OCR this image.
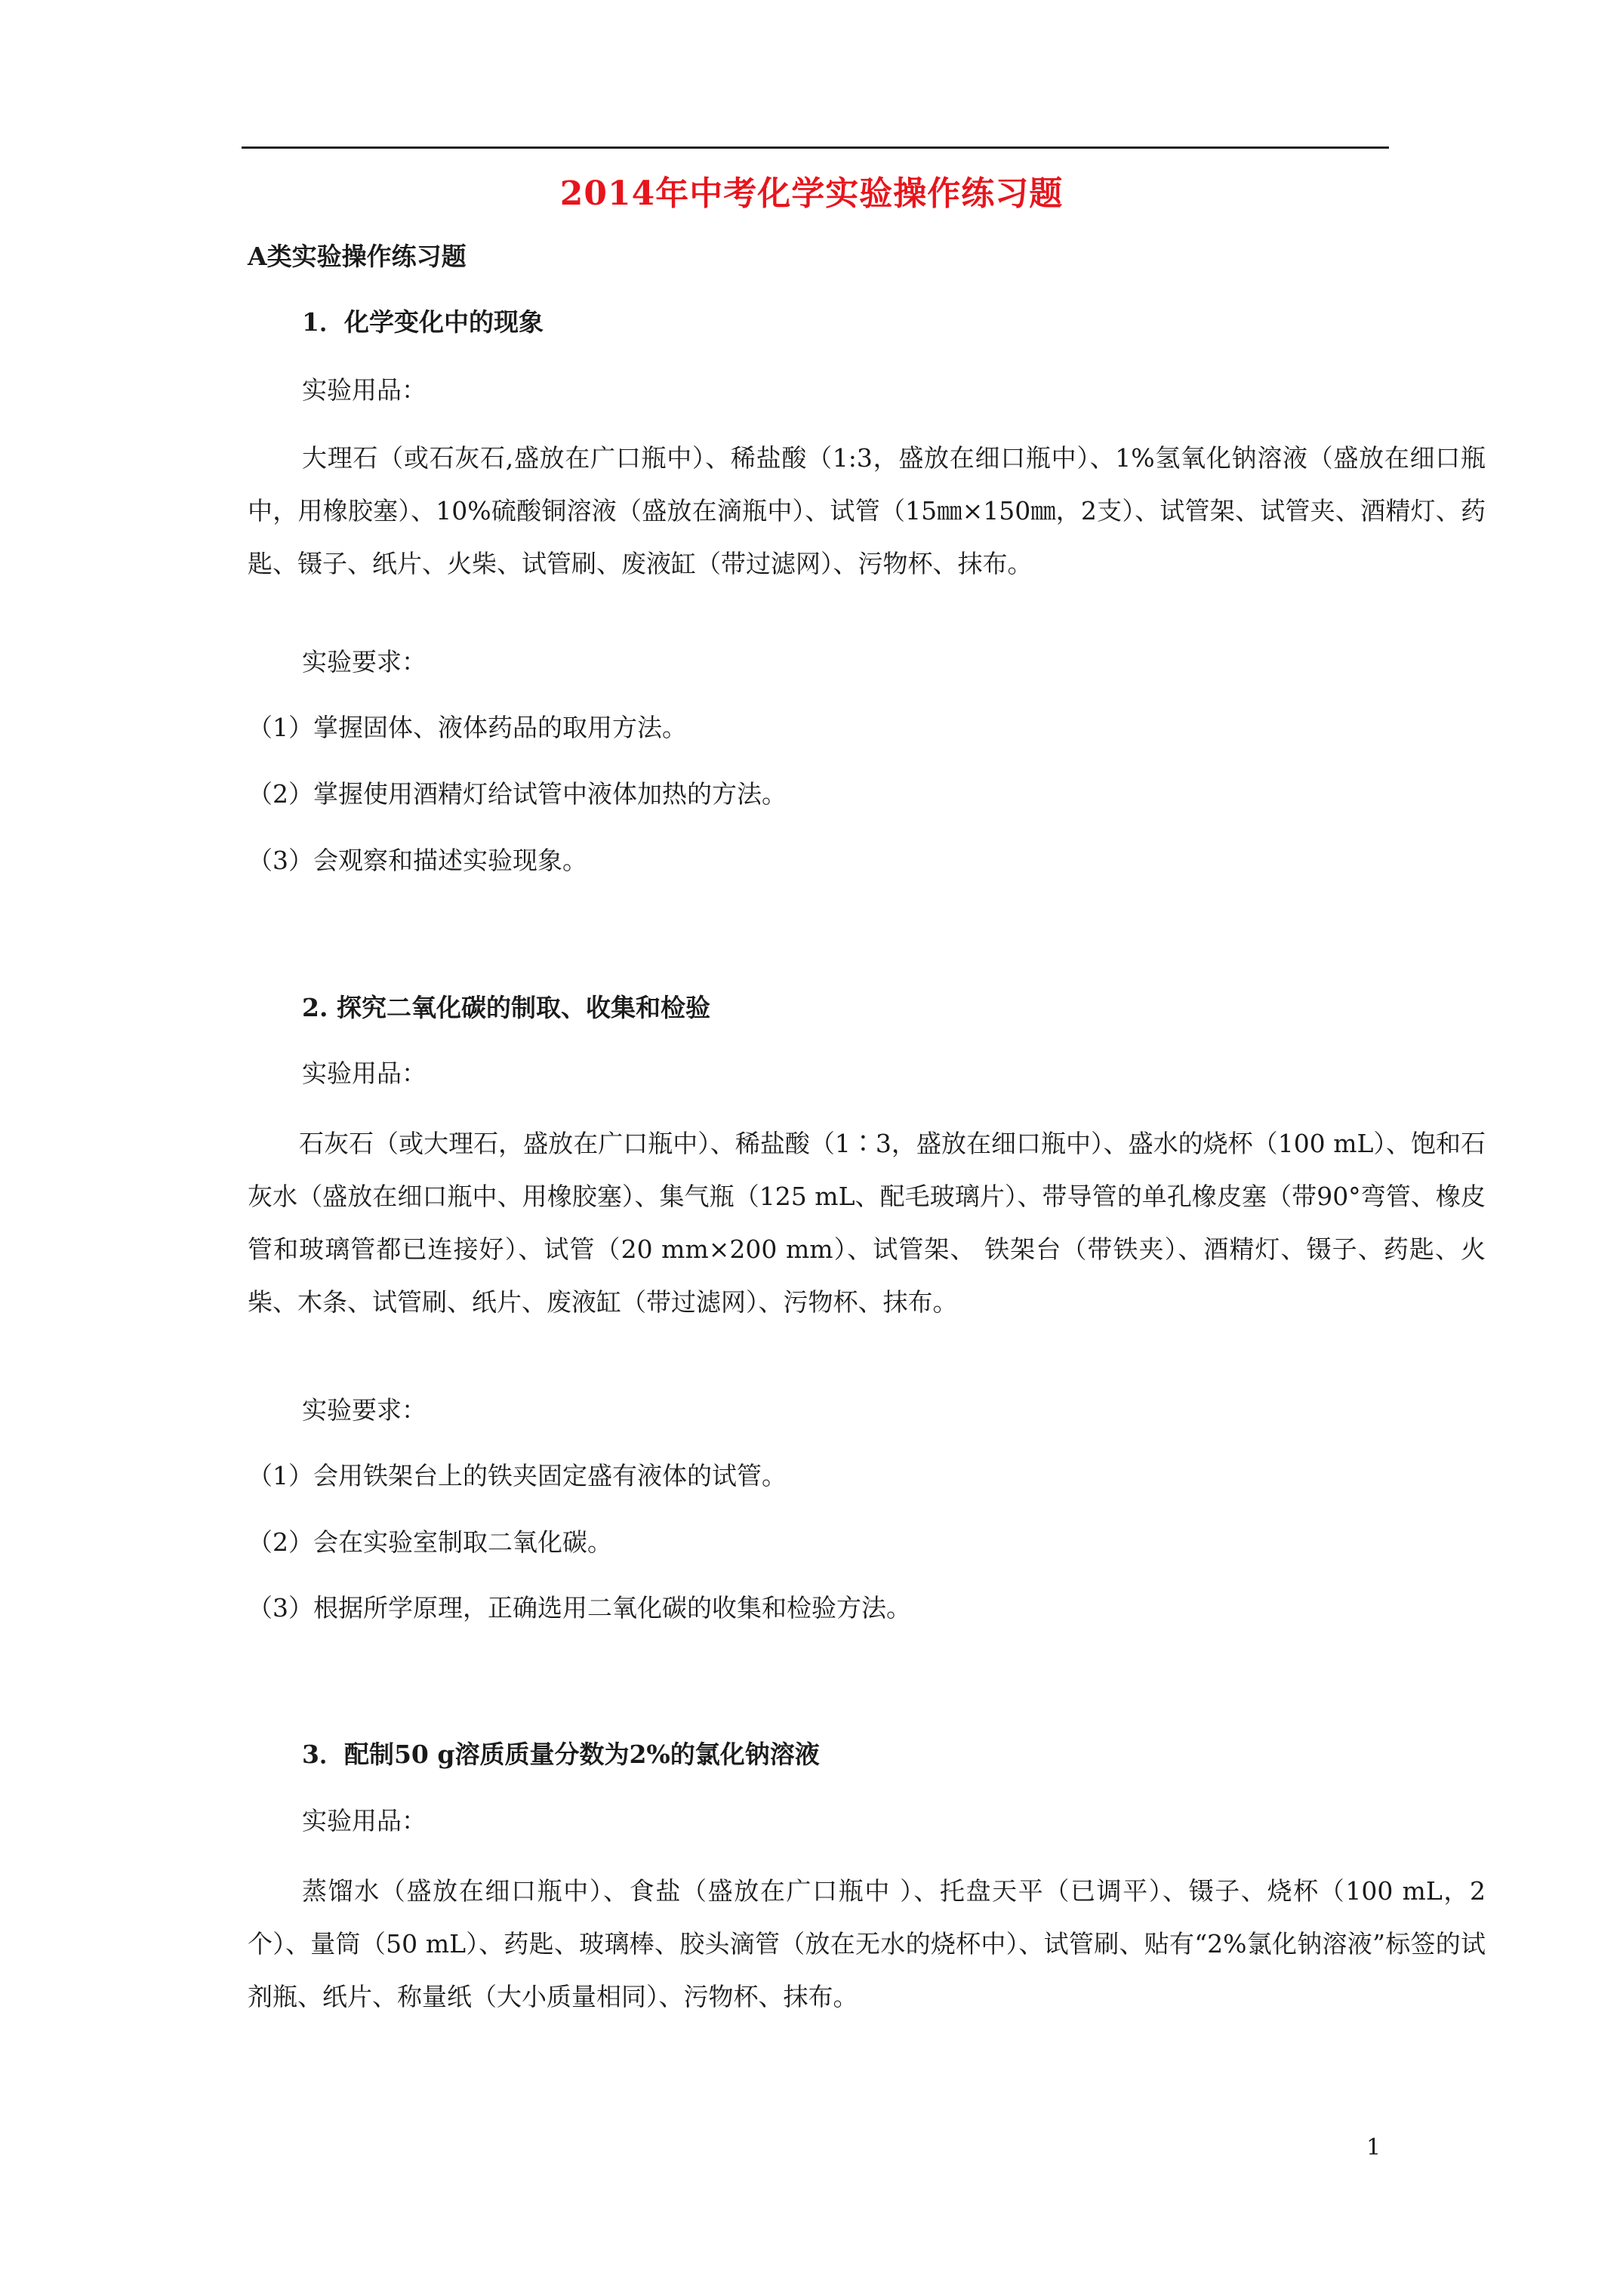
2014年中考化学实验操作练习题
A类实验操作练习题
1．化学变化中的现象
实验用品：
大理石（或石灰石,盛放在广口瓶中）、稀盐酸（1:3，盛放在细口瓶中）、1%氢氧化钠溶液（盛放在细口瓶中，用橡胶塞）、10%硫酸铜溶液（盛放在滴瓶中）、试管（15㎜×150㎜，2支）、试管架、试管夹、酒精灯、药匙、镊子、纸片、火柴、试管刷、废液缸（带过滤网）、污物杯、抹布。
实验要求：
（1）掌握固体、液体药品的取用方法。
（2）掌握使用酒精灯给试管中液体加热的方法。
（3）会观察和描述实验现象。
2. 探究二氧化碳的制取、收集和检验
实验用品：
石灰石（或大理石，盛放在广口瓶中）、稀盐酸（1∶3，盛放在细口瓶中）、盛水的烧杯（100 mL）、饱和石灰水（盛放在细口瓶中、用橡胶塞）、集气瓶（125 mL、配毛玻璃片）、带导管的单孔橡皮塞（带90°弯管、橡皮管和玻璃管都已连接好）、试管（20 mm×200 mm）、试管架、 铁架台（带铁夹）、酒精灯、镊子、药匙、火柴、木条、试管刷、纸片、废液缸（带过滤网）、污物杯、抹布。
实验要求：
（1）会用铁架台上的铁夹固定盛有液体的试管。
（2）会在实验室制取二氧化碳。
（3）根据所学原理，正确选用二氧化碳的收集和检验方法。
3．配制50 g溶质质量分数为2%的氯化钠溶液
实验用品：
蒸馏水（盛放在细口瓶中）、食盐（盛放在广口瓶中 ）、托盘天平（已调平）、镊子、烧杯（100 mL，2个）、量筒（50 mL）、药匙、玻璃棒、胶头滴管（放在无水的烧杯中）、试管刷、贴有“2%氯化钠溶液”标签的试剂瓶、纸片、称量纸（大小质量相同）、污物杯、抹布。
1
